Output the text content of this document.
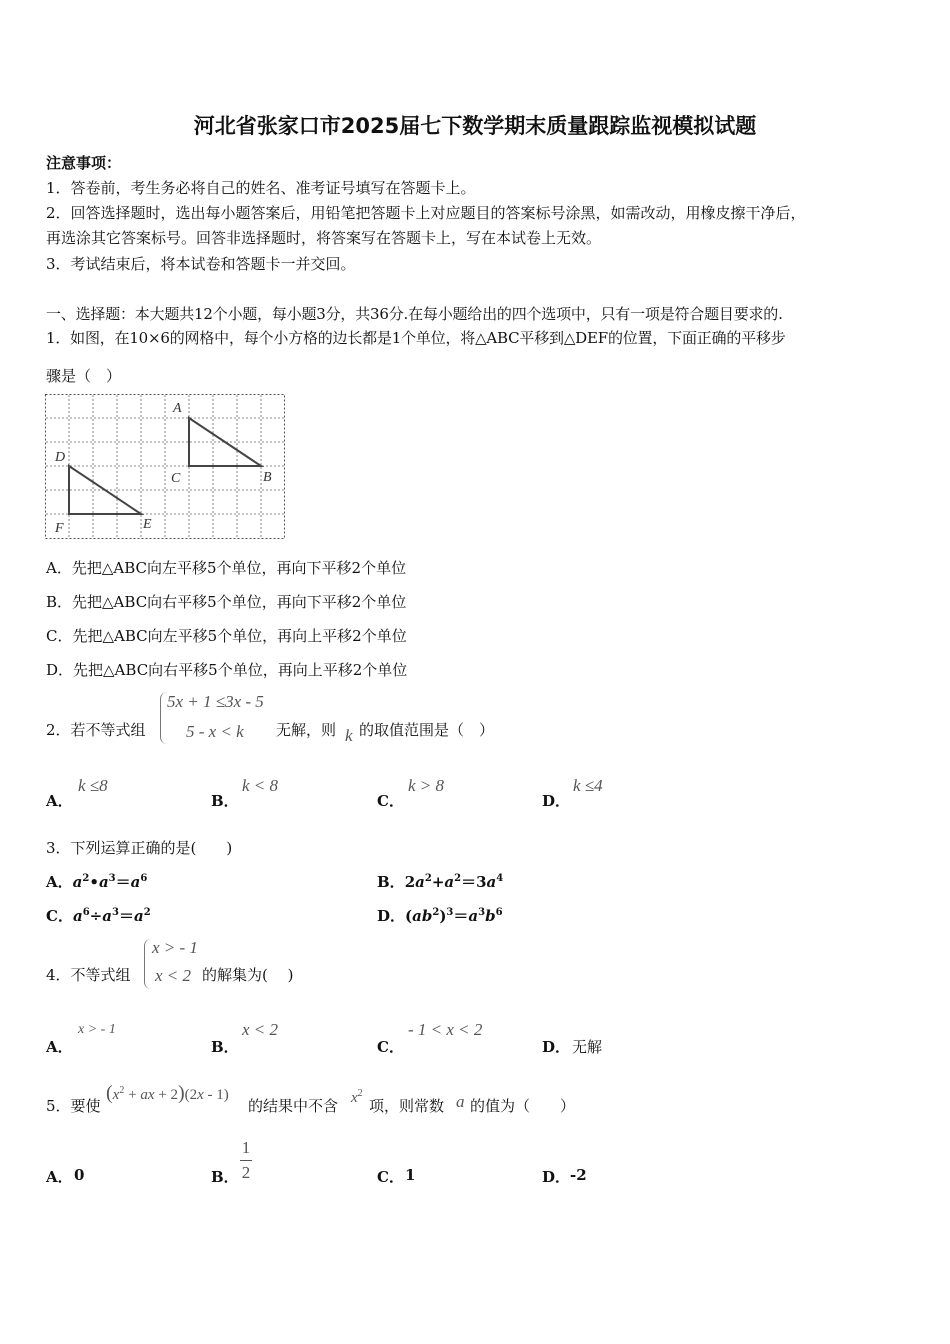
河北省张家口市2025届七下数学期末质量跟踪监视模拟试题
注意事项：
1．答卷前，考生务必将自己的姓名、准考证号填写在答题卡上。
2．回答选择题时，选出每小题答案后，用铅笔把答题卡上对应题目的答案标号涂黑，如需改动，用橡皮擦干净后，
再选涂其它答案标号。回答非选择题时，将答案写在答题卡上，写在本试卷上无效。
3．考试结束后，将本试卷和答题卡一并交回。
一、选择题：本大题共12个小题，每小题3分，共36分.在每小题给出的四个选项中，只有一项是符合题目要求的.
1．如图，在10×6的网格中，每个小方格的边长都是1个单位，将△ABC平移到△DEF的位置，下面正确的平移步
骤是（　）
A
B
C
D
E
F
A．先把△ABC向左平移5个单位，再向下平移2个单位
B．先把△ABC向右平移5个单位，再向下平移2个单位
C．先把△ABC向左平移5个单位，再向上平移2个单位
D．先把△ABC向右平移5个单位，再向上平移2个单位
2．若不等式组
5x + 1 ≤3x - 5
5 - x < k 无解，则 k 的取值范围是（　）
A．
k ≤8
B．
k < 8
C．
k > 8
D．
k ≤4
3．下列运算正确的是(　　)
A．$a^2•a^3=a^6$	B．$2a^2+a^2=3a^4$
C．$a^6\div a^3=a^2$	D．$(ab^2)^3=a^3b^6$
4．不等式组
x > - 1
x < 2 的解集为(　 )
A．
x > - 1
B．
x < 2
C．
- 1 < x < 2
D． 无解
5．要使
($x^2$ + ax + 2)(2x - 1)
的结果中不含 $x^2$
项，则常数 a 的值为（　　）
A． 0	B．
1
2	C． 1	D． -2
